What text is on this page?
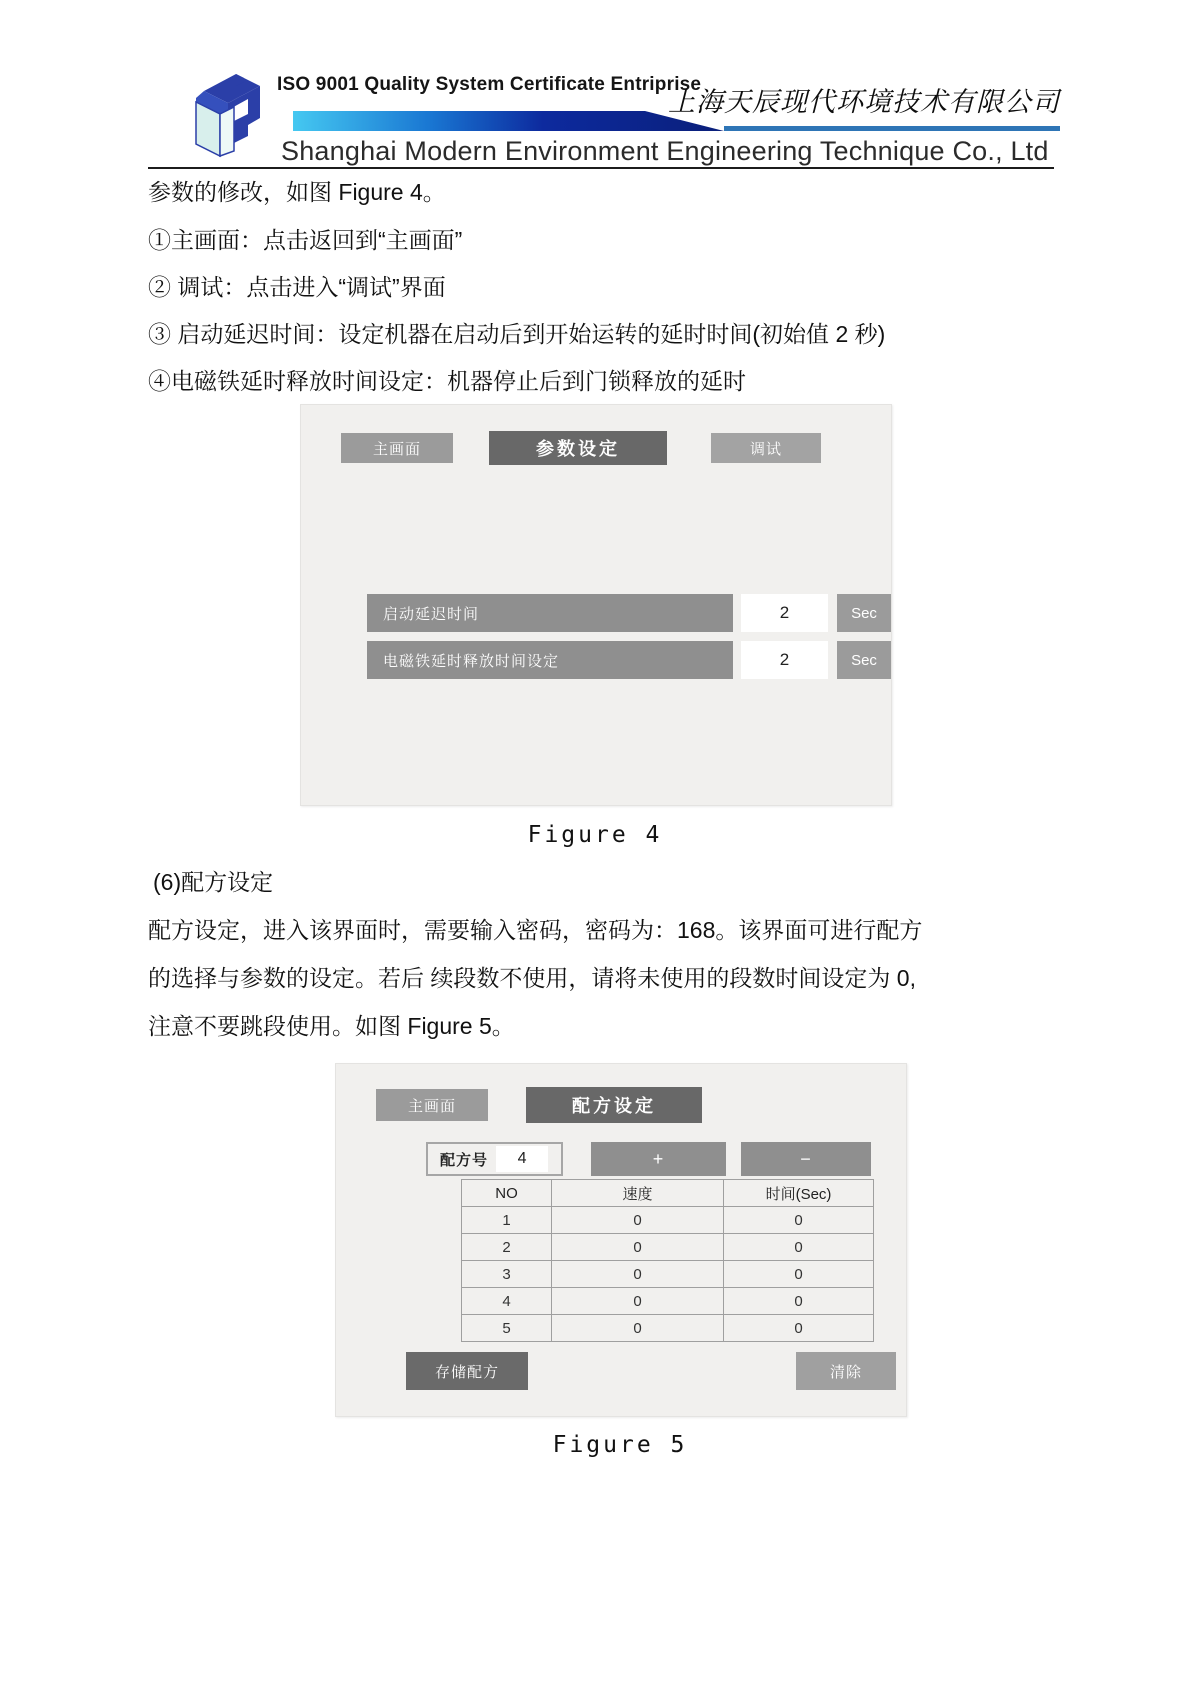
ISO 9001 Quality System Certificate Entriprise
上海天辰现代环境技术有限公司
Shanghai Modern Environment Engineering Technique Co., Ltd
参数的修改，如图 Figure 4。
①主画面：点击返回到“主画面”
② 调试：点击进入“调试”界面
③ 启动延迟时间：设定机器在启动后到开始运转的延时时间(初始值 2 秒)
④电磁铁延时释放时间设定：机器停止后到门锁释放的延时
主画面	参数设定	调试
启动延迟时间	2	Sec
电磁铁延时释放时间设定	2	Sec
Figure 4
(6)配方设定
配方设定，进入该界面时，需要输入密码，密码为：168。该界面可进行配方
的选择与参数的设定。若后 续段数不使用，请将未使用的段数时间设定为 0,
注意不要跳段使用。如图 Figure 5。
主画面	配方设定
配方号	4	+	−
NO	速度	时间(Sec)
1	0	0
2	0	0
3	0	0
4	0	0
5	0	0
存储配方	清除
Figure 5
